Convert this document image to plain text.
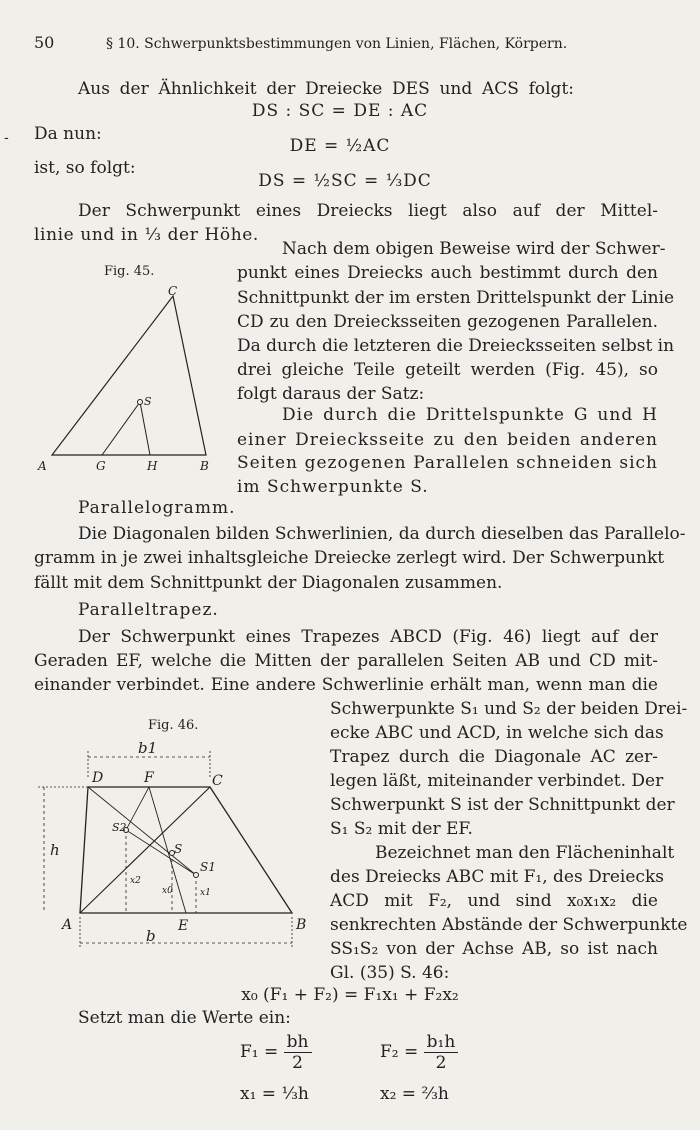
50	§ 10. Schwerpunktsbestimmungen von Linien, Flächen, Körpern.
Aus der Ähnlichkeit der Dreiecke DES und ACS folgt:
DS : SC = DE : AC
- Da nun:
DE = ½AC
ist, so folgt:
DS = ½SC = ⅓DC
Der Schwerpunkt eines Dreiecks liegt also auf der Mittel-
linie und in ⅓ der Höhe.
Fig. 45.
A	B
C
G	H
S
Nach dem obigen Beweise wird der Schwer-
punkt eines Dreiecks auch bestimmt durch den
Schnittpunkt der im ersten Drittelspunkt der Linie
CD zu den Dreiecksseiten gezogenen Parallelen.
Da durch die letzteren die Dreiecksseiten selbst in
drei gleiche Teile geteilt werden (Fig. 45), so
folgt daraus der Satz:
Die durch die Drittelspunkte G und H
einer Dreiecksseite zu den beiden anderen
Seiten gezogenen Parallelen schneiden sich
im Schwerpunkte S.
Parallelogramm.
Die Diagonalen bilden Schwerlinien, da durch dieselben das Parallelo-
gramm in je zwei inhaltsgleiche Dreiecke zerlegt wird. Der Schwerpunkt
fällt mit dem Schnittpunkt der Diagonalen zusammen.
Paralleltrapez.
Der Schwerpunkt eines Trapezes ABCD (Fig. 46) liegt auf der
Geraden EF, welche die Mitten der parallelen Seiten AB und CD mit-
einander verbindet. Eine andere Schwerlinie erhält man, wenn man die
Schwerpunkte S₁ und S₂ der beiden Drei-
ecke ABC und ACD, in welche sich das
Trapez durch die Diagonale AC zer-
legen läßt, miteinander verbindet. Der
Schwerpunkt S ist der Schnittpunkt der
S₁ S₂ mit der EF.
Bezeichnet man den Flächeninhalt
des Dreiecks ABC mit F₁, des Dreiecks
ACD mit F₂, und sind x₀x₁x₂ die
senkrechten Abstände der Schwerpunkte
SS₁S₂ von der Achse AB, so ist nach
Gl. (35) S. 46:
x₀ (F₁ + F₂) = F₁x₁ + F₂x₂
Setzt man die Werte ein:
$F_1 = \frac{bh}{2}$	$F_2 = \frac{\text{b₁h}}{2}$
x₁ = ⅓h	x₂ = ⅔h
Fig. 46.
b1
h
b
A	B
C
D
E
F
S
S1
S2
x2
x0	x1
